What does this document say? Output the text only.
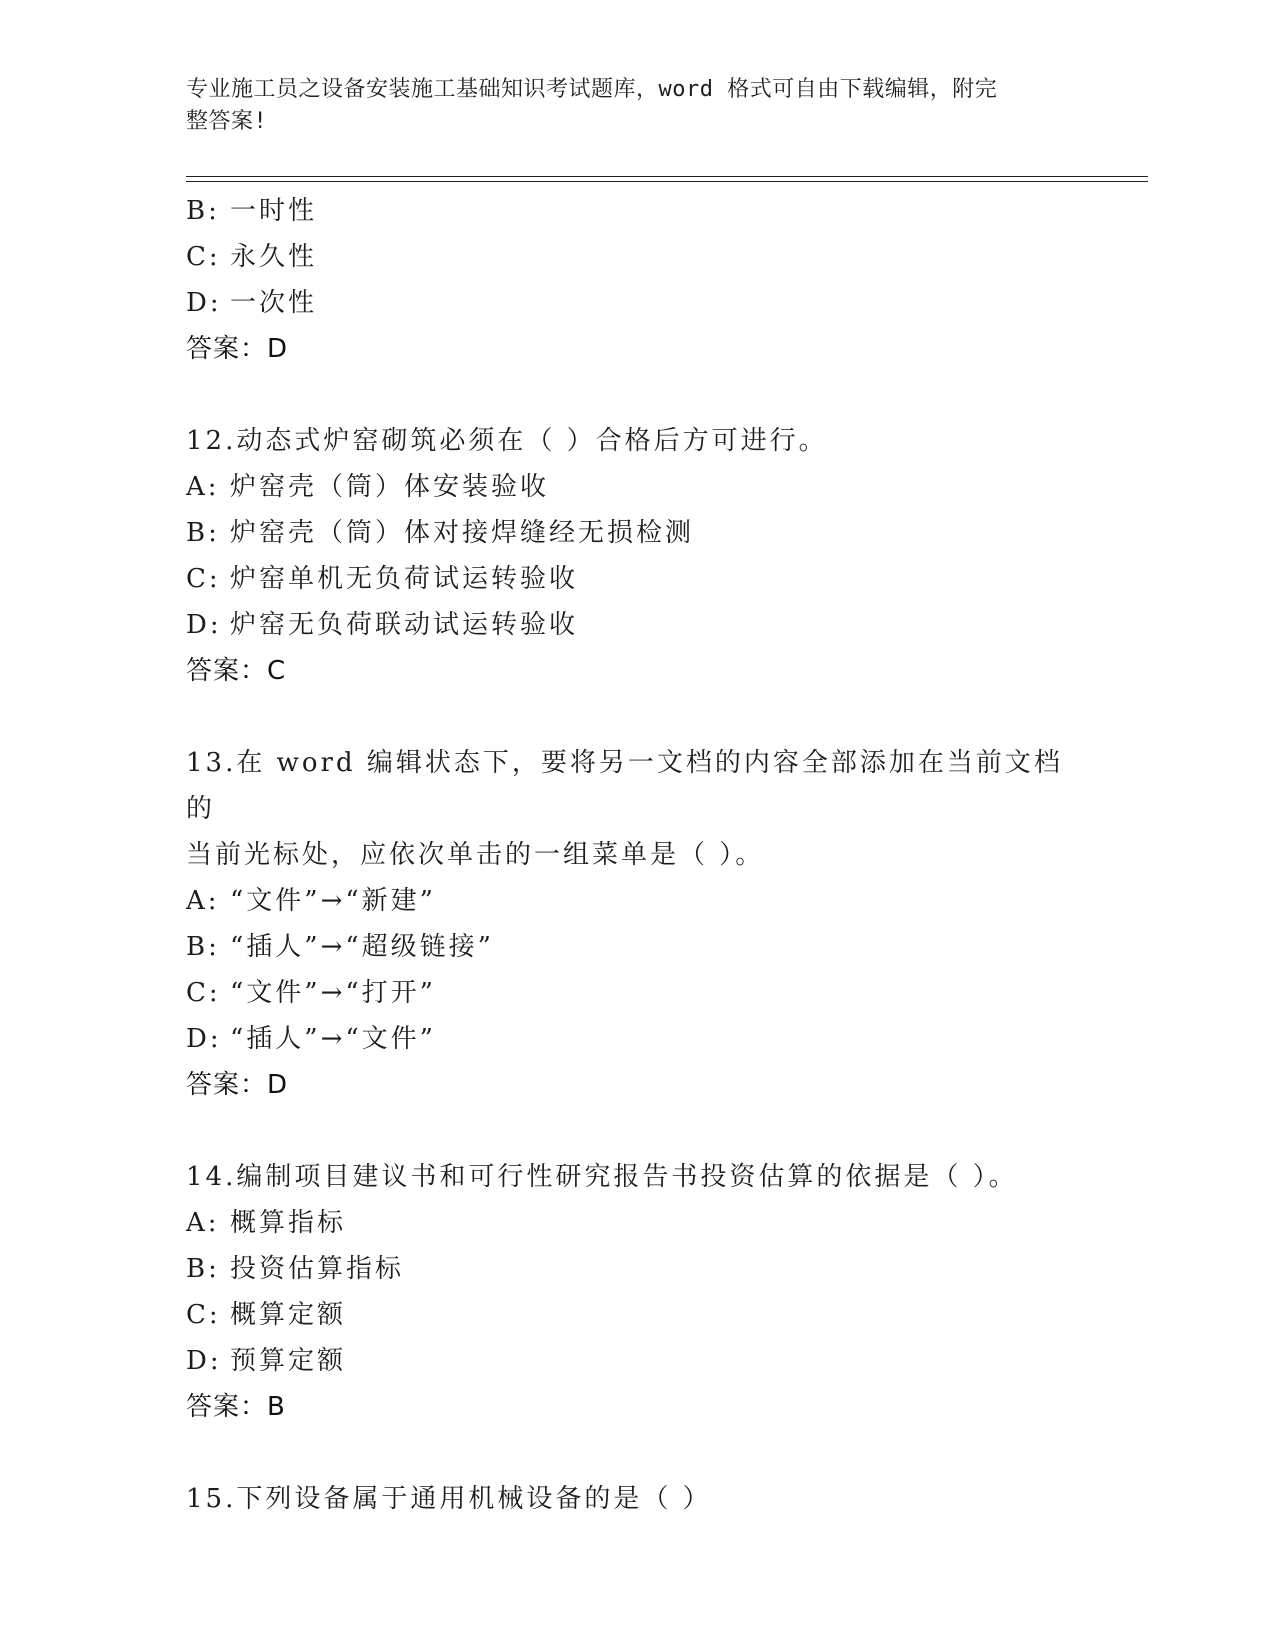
专业施工员之设备安装施工基础知识考试题库，word 格式可自由下载编辑，附完
整答案!
B: 一时性
C: 永久性
D: 一次性
答案：D
12.动态式炉窑砌筑必须在（ ）合格后方可进行。
A: 炉窑壳（筒）体安装验收
B: 炉窑壳（筒）体对接焊缝经无损检测
C: 炉窑单机无负荷试运转验收
D: 炉窑无负荷联动试运转验收
答案：C
13.在 word 编辑状态下，要将另一文档的内容全部添加在当前文档的
当前光标处，应依次单击的一组菜单是（ ）。
A: “文件”→“新建”
B: “插人”→“超级链接”
C: “文件”→“打开”
D: “插人”→“文件”
答案：D
14.编制项目建议书和可行性研究报告书投资估算的依据是（ ）。
A: 概算指标
B: 投资估算指标
C: 概算定额
D: 预算定额
答案：B
15.下列设备属于通用机械设备的是（ ）
